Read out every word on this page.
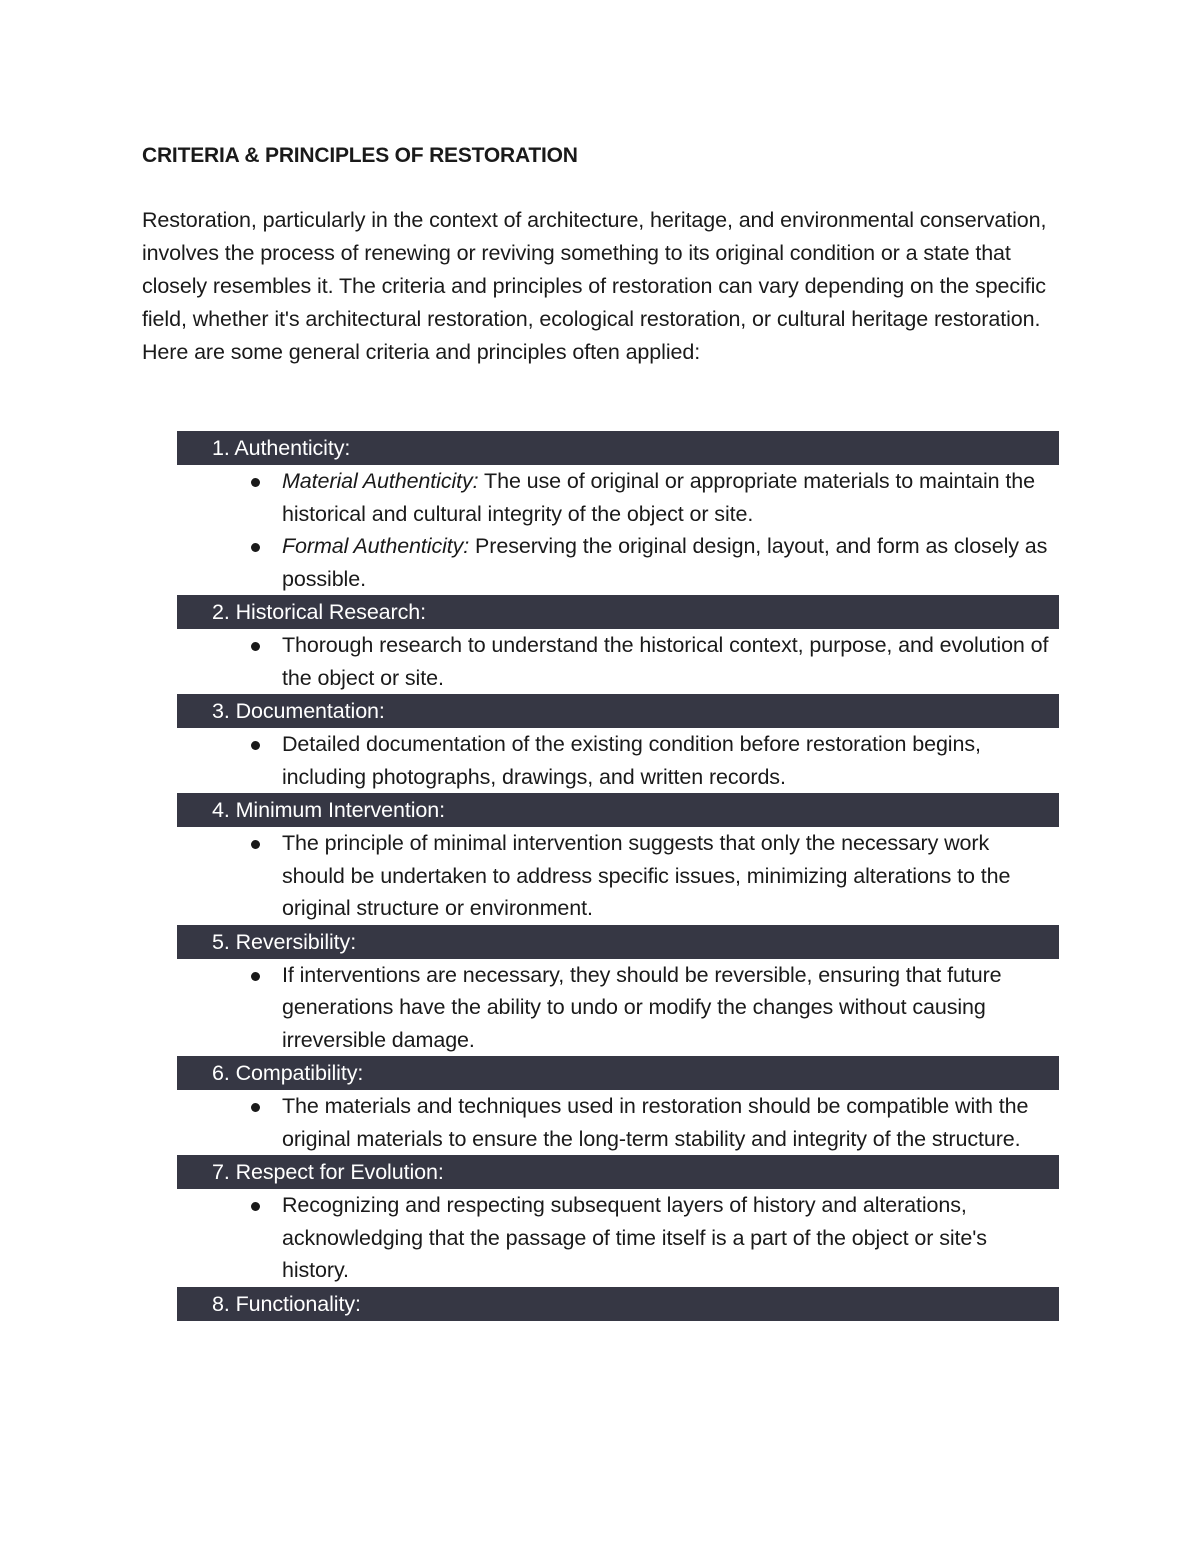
CRITERIA & PRINCIPLES OF RESTORATION

Restoration, particularly in the context of architecture, heritage, and environmental conservation, involves the process of renewing or reviving something to its original condition or a state that closely resembles it. The criteria and principles of restoration can vary depending on the specific field, whether it's architectural restoration, ecological restoration, or cultural heritage restoration. Here are some general criteria and principles often applied:

1. Authenticity:
Material Authenticity: The use of original or appropriate materials to maintain the historical and cultural integrity of the object or site.
Formal Authenticity: Preserving the original design, layout, and form as closely as possible.
2. Historical Research:
Thorough research to understand the historical context, purpose, and evolution of the object or site.
3. Documentation:
Detailed documentation of the existing condition before restoration begins, including photographs, drawings, and written records.
4. Minimum Intervention:
The principle of minimal intervention suggests that only the necessary work should be undertaken to address specific issues, minimizing alterations to the original structure or environment.
5. Reversibility:
If interventions are necessary, they should be reversible, ensuring that future generations have the ability to undo or modify the changes without causing irreversible damage.
6. Compatibility:
The materials and techniques used in restoration should be compatible with the original materials to ensure the long-term stability and integrity of the structure.
7. Respect for Evolution:
Recognizing and respecting subsequent layers of history and alterations, acknowledging that the passage of time itself is a part of the object or site's history.
8. Functionality:
